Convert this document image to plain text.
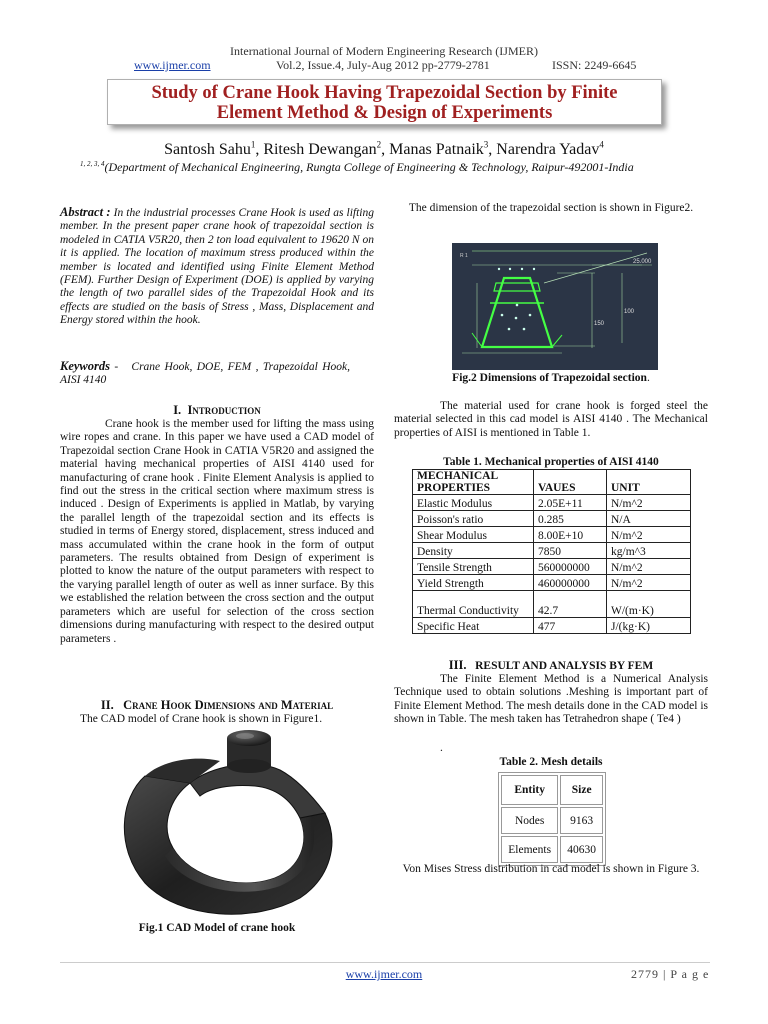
International Journal of Modern Engineering Research (IJMER)
www.ijmer.com	Vol.2, Issue.4, July-Aug 2012 pp-2779-2781	ISSN: 2249-6645
Study of Crane Hook Having Trapezoidal Section by Finite
Element Method & Design of Experiments
Santosh Sahu$^1$, Ritesh Dewangan$^2$, Manas Patnaik$^3$, Narendra Yadav$^4$
$^{1, 2, 3, 4}$(Department of Mechanical Engineering, Rungta College of Engineering & Technology, Raipur-492001-India
Abstract : In the industrial processes Crane Hook is used as lifting member. In the present paper crane hook of trapezoidal section is modeled in CATIA V5R20, then 2 ton load equivalent to 19620 N on it is applied. The location of maximum stress produced within the member is located and identified using Finite Element Method (FEM). Further Design of Experiment (DOE) is applied by varying the length of two parallel sides of the Trapezoidal Hook and its effects are studied on the basis of Stress , Mass, Displacement and Energy stored within the hook.
Keywords - Crane Hook, DOE, FEM , Trapezoidal Hook, AISI 4140
I. Introduction
Crane hook is the member used for lifting the mass using wire ropes and crane. In this paper we have used a CAD model of Trapezoidal section Crane Hook in CATIA V5R20 and assigned the material having mechanical properties of AISI 4140 used for manufacturing of crane hook . Finite Element Analysis is applied to find out the stress in the critical section where maximum stress is induced . Design of Experiments is applied in Matlab, by varying the parallel length of the trapezoidal section and its effects is studied in terms of Energy stored, displacement, stress induced and mass accumulated within the crane hook in the form of output parameters. The results obtained from Design of experiment is plotted to know the nature of the output parameters with respect to the varying parallel length of outer as well as inner surface. By this we established the relation between the cross section and the output parameters which are useful for selection of the cross section dimensions during manufacturing with respect to the desired output parameters .
II. Crane Hook Dimensions and Material
The CAD model of Crane hook is shown in Figure1.
Fig.1 CAD Model of crane hook
The dimension of the trapezoidal section is shown in Figure2.
25.000
150
100
R 1
Fig.2 Dimensions of Trapezoidal section.
The material used for crane hook is forged steel the material selected in this cad model is AISI 4140 . The Mechanical properties of AISI is mentioned in Table 1.
Table 1. Mechanical properties of AISI 4140
MECHANICAL PROPERTIES	VAUES	UNIT
Elastic Modulus	2.05E+11	N/m^2
Poisson's ratio	0.285	N/A
Shear Modulus	8.00E+10	N/m^2
Density	7850	kg/m^3
Tensile Strength	560000000	N/m^2
Yield Strength	460000000	N/m^2
Thermal Conductivity	42.7	W/(m·K)
Specific Heat	477	J/(kg·K)
III. RESULT AND ANALYSIS BY FEM
The Finite Element Method is a Numerical Analysis Technique used to obtain solutions .Meshing is important part of Finite Element Method. The mesh details done in the CAD model is shown in Table. The mesh taken has Tetrahedron shape ( Te4 )
.
Table 2. Mesh details
Entity	Size
Nodes	9163
Elements	40630
Von Mises Stress distribution in cad model is shown in Figure 3.
www.ijmer.com	2779 | P a g e
